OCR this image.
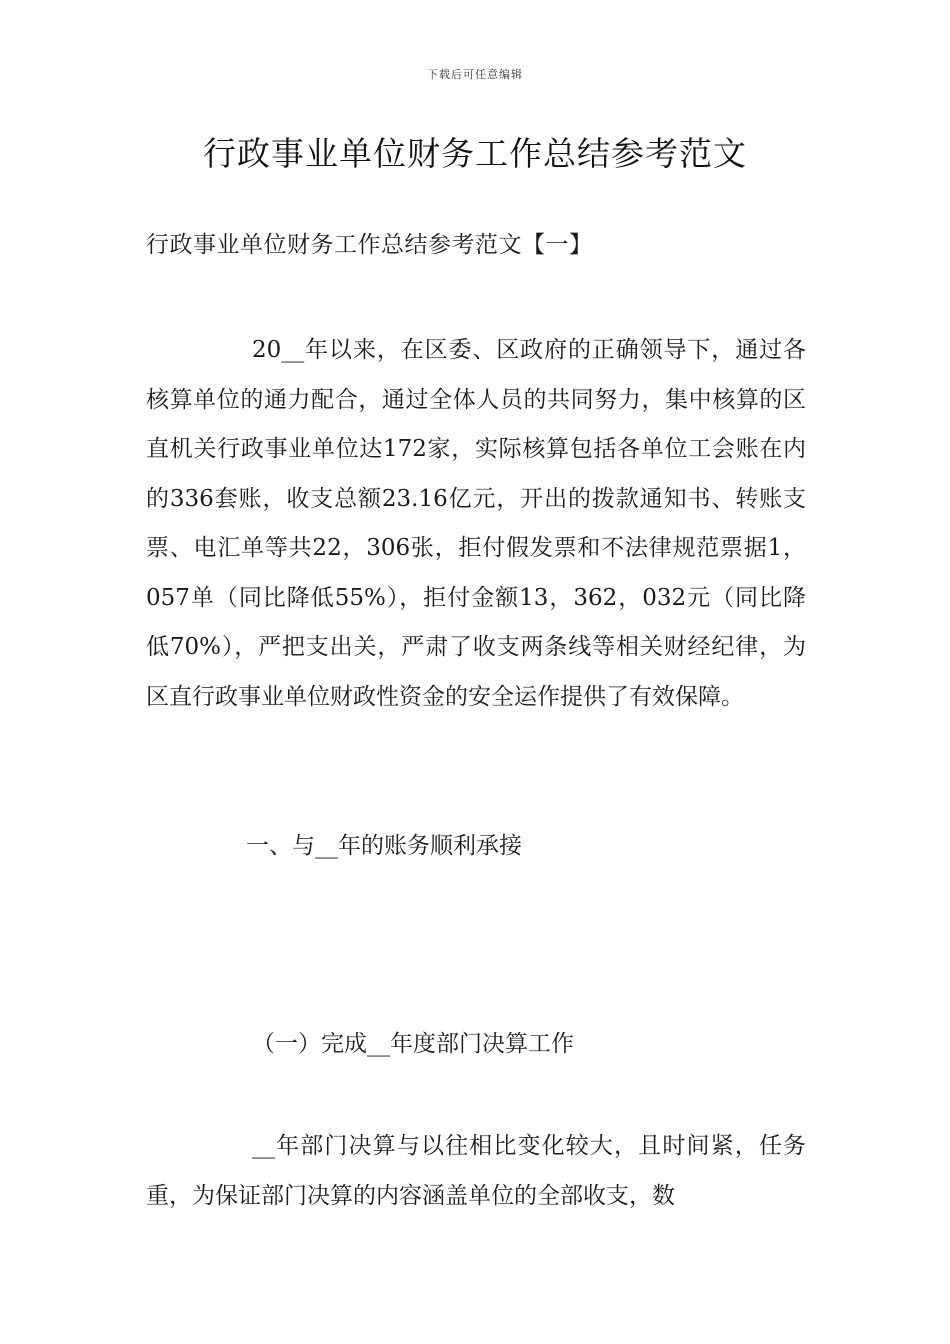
下载后可任意编辑
行政事业单位财务工作总结参考范文
行政事业单位财务工作总结参考范文【一】

20__年以来，在区委、区政府的正确领导下，通过各核算单位的通力配合，通过全体人员的共同努力，集中核算的区直机关行政事业单位达172家，实际核算包括各单位工会账在内的336套账，收支总额23.16亿元，开出的拨款通知书、转账支票、电汇单等共22，306张，拒付假发票和不法律规范票据1，057单（同比降低55%），拒付金额13，362，032元（同比降低70%），严把支出关，严肃了收支两条线等相关财经纪律，为区直行政事业单位财政性资金的安全运作提供了有效保障。

一、与__年的账务顺利承接

（一）完成__年度部门决算工作

__年部门决算与以往相比变化较大，且时间紧，任务重，为保证部门决算的内容涵盖单位的全部收支，数
